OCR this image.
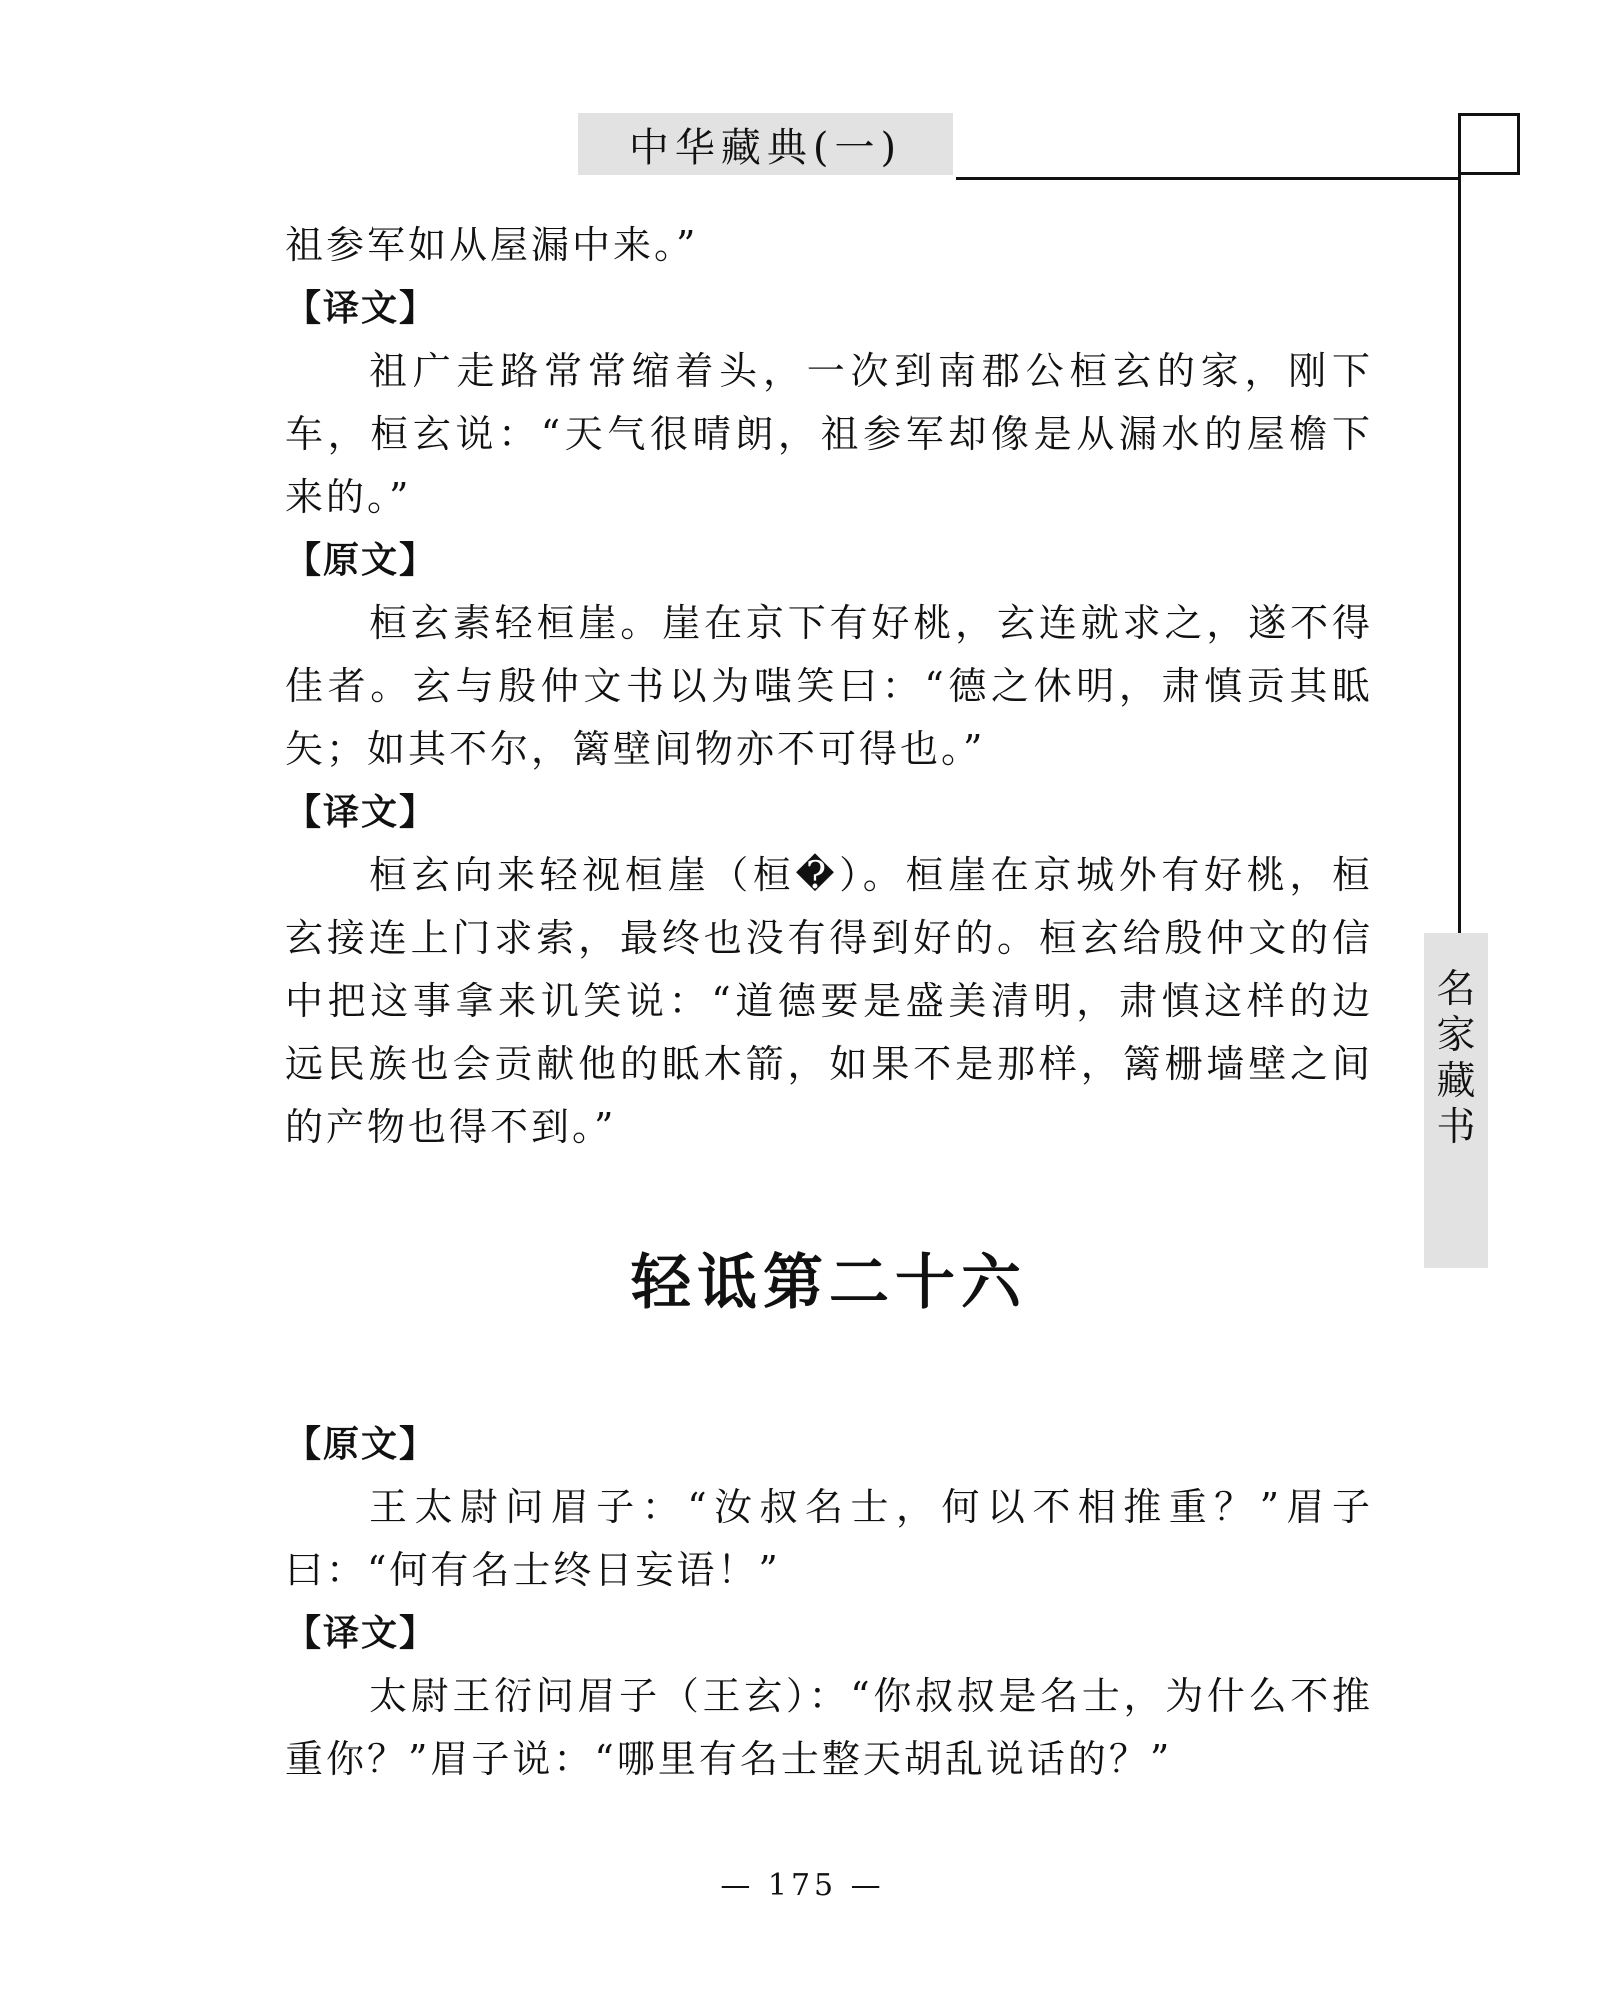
中华藏典(一)
名
家
藏
书

祖参军如从屋漏中来。”

【译文】

祖广走路常常缩着头，一次到南郡公桓玄的家，刚下车，桓玄说：“天气很晴朗，祖参军却像是从漏水的屋檐下来的。”

【原文】

桓玄素轻桓崖。崖在京下有好桃，玄连就求之，遂不得佳者。玄与殷仲文书以为嗤笑曰：“德之休明，肃慎贡其眡矢；如其不尔，篱壁间物亦不可得也。”

【译文】

桓玄向来轻视桓崖（桓�）。桓崖在京城外有好桃，桓玄接连上门求索，最终也没有得到好的。桓玄给殷仲文的信中把这事拿来讥笑说：“道德要是盛美清明，肃慎这样的边远民族也会贡献他的眡木箭，如果不是那样，篱栅墙壁之间的产物也得不到。”

轻诋第二十六

【原文】

王太尉问眉子：“汝叔名士，何以不相推重？”眉子曰：“何有名士终日妄语！”

【译文】

太尉王衍问眉子（王玄）：“你叔叔是名士，为什么不推重你？”眉子说：“哪里有名士整天胡乱说话的？”

— 175 —
